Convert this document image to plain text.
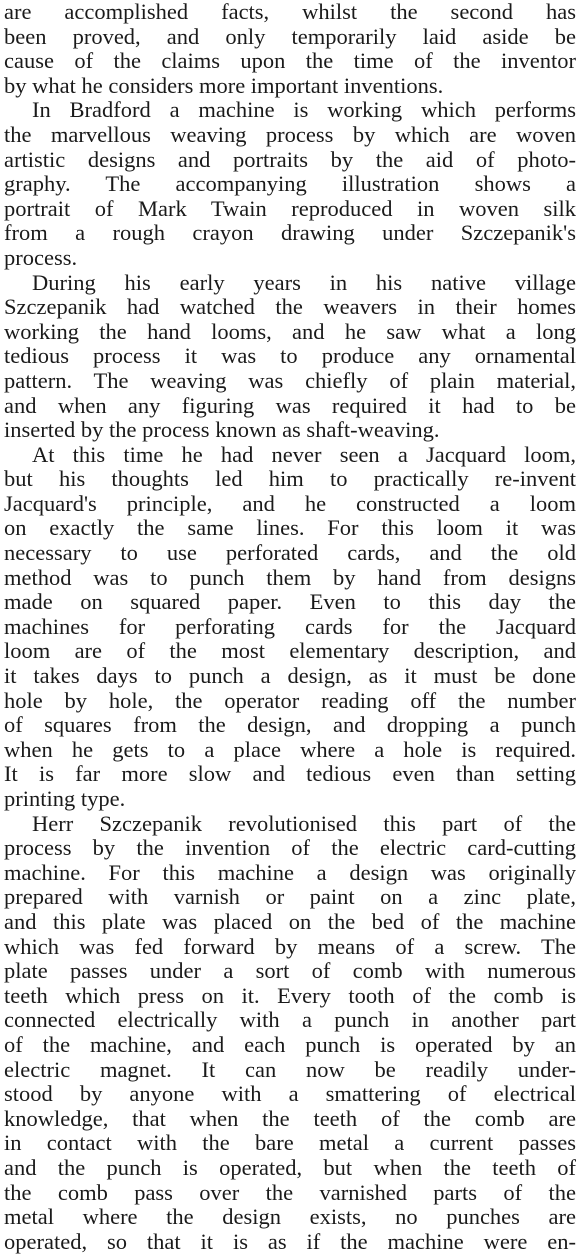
are accomplished facts, whilst the second has
been proved, and only temporarily laid aside be
cause of the claims upon the time of the inventor
by what he considers more important inventions.
In Bradford a machine is working which performs
the marvellous weaving process by which are woven
artistic designs and portraits by the aid of photo-
graphy. The accompanying illustration shows a
portrait of Mark Twain reproduced in woven silk
from a rough crayon drawing under Szczepanik's
process.
During his early years in his native village
Szczepanik had watched the weavers in their homes
working the hand looms, and he saw what a long
tedious process it was to produce any ornamental
pattern. The weaving was chiefly of plain material,
and when any figuring was required it had to be
inserted by the process known as shaft-weaving.
At this time he had never seen a Jacquard loom,
but his thoughts led him to practically re-invent
Jacquard's principle, and he constructed a loom
on exactly the same lines. For this loom it was
necessary to use perforated cards, and the old
method was to punch them by hand from designs
made on squared paper. Even to this day the
machines for perforating cards for the Jacquard
loom are of the most elementary description, and
it takes days to punch a design, as it must be done
hole by hole, the operator reading off the number
of squares from the design, and dropping a punch
when he gets to a place where a hole is required.
It is far more slow and tedious even than setting
printing type.
Herr Szczepanik revolutionised this part of the
process by the invention of the electric card-cutting
machine. For this machine a design was originally
prepared with varnish or paint on a zinc plate,
and this plate was placed on the bed of the machine
which was fed forward by means of a screw. The
plate passes under a sort of comb with numerous
teeth which press on it. Every tooth of the comb is
connected electrically with a punch in another part
of the machine, and each punch is operated by an
electric magnet. It can now be readily under-
stood by anyone with a smattering of electrical
knowledge, that when the teeth of the comb are
in contact with the bare metal a current passes
and the punch is operated, but when the teeth of
the comb pass over the varnished parts of the
metal where the design exists, no punches are
operated, so that it is as if the machine were en-
